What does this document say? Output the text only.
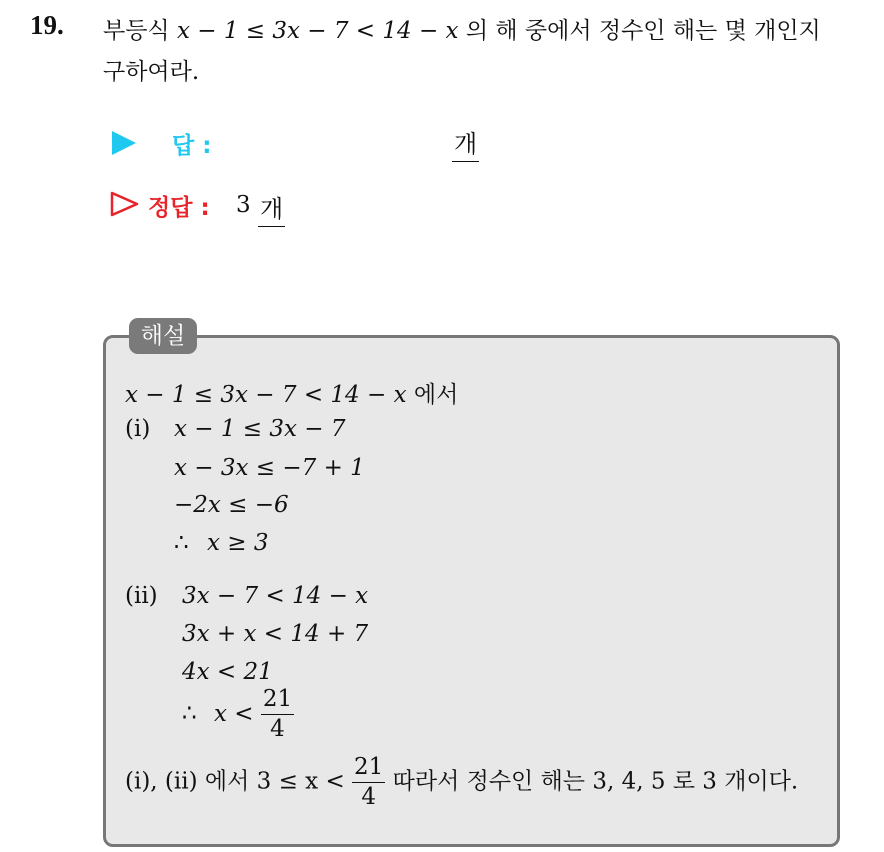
19. 부등식 x − 1 ≤ 3x − 7 < 14 − x 의 해 중에서 정수인 해는 몇 개인지
구하여라.
답 :	개
정답 : 3 개
해설
x − 1 ≤ 3x − 7 < 14 − x 에서
(i) x − 1 ≤ 3x − 7
x − 3x ≤ −7 + 1
−2x ≤ −6
∴ x ≥ 3
(ii) 3x − 7 < 14 − x
3x + x < 14 + 7
4x < 21
∴ $x < \frac{21}{4}$
(i), (ii) 에서 $3 \le x < \frac{21}{4}$ 따라서 정수인 해는 3, 4, 5 로 3 개이다.
